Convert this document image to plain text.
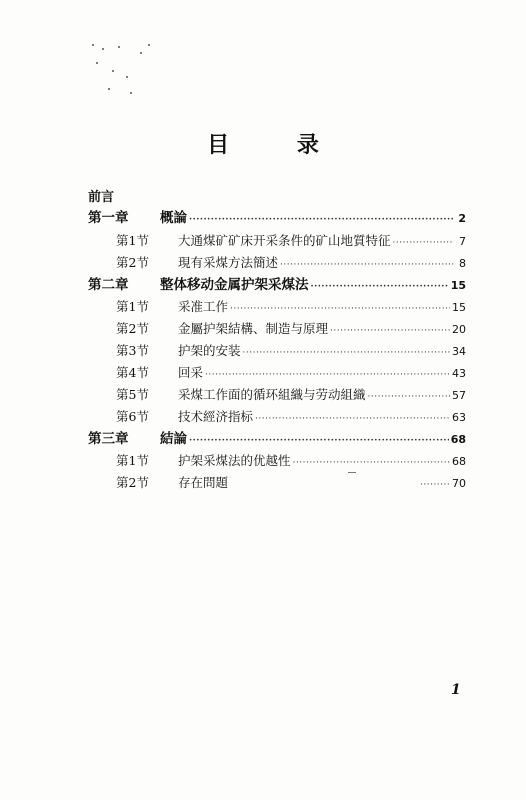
目 录
前言
第一章	概論 ·····	2
第1节	大通煤矿矿床开采条件的矿山地質特征 ·····	7
第2节	現有采煤方法簡述 ·····	8
第二章	整体移动金属护架采煤法 ·····	15
第1节	采准工作 ·····	15
第2节	金屬护架結構、制造与原理 ·····	20
第3节	护架的安装 ·····	34
第4节	回采 ·····	43
第5节	采煤工作面的循环組織与劳动組織 ·····	57
第6节	技术經济指标 ·····	63
第三章	結論 ·····	68
第1节	护架采煤法的优越性 ·····	68
第2节	存在問題 ·····	70
1
